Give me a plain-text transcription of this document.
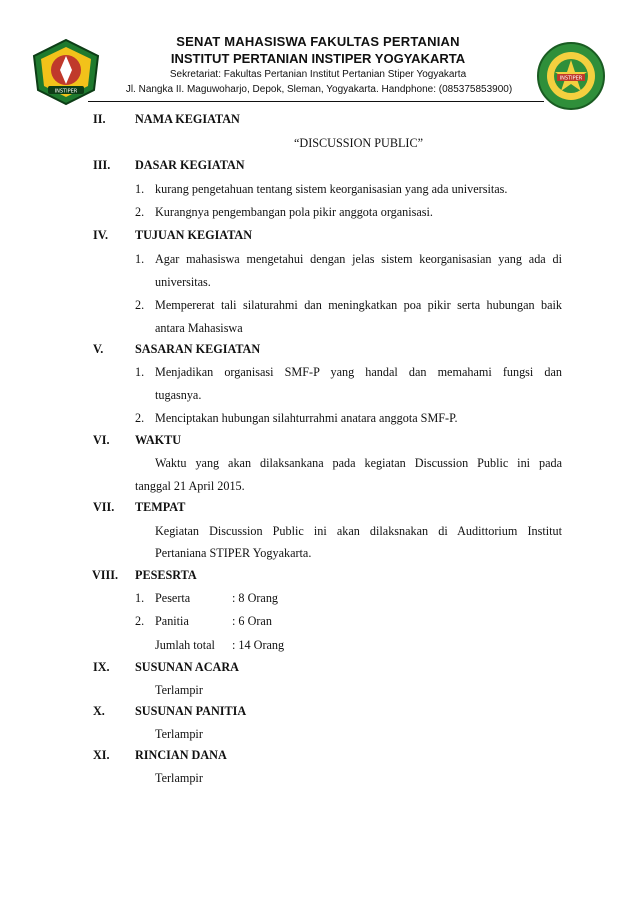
INSTIPER
SENAT MAHASISWA FAKULTAS PERTANIAN
INSTITUT PERTANIAN INSTIPER YOGYAKARTA
Sekretariat: Fakultas Pertanian Institut Pertanian Stiper Yogyakarta
Jl. Nangka II. Maguwoharjo, Depok, Sleman, Yogyakarta. Handphone: (085375853900)
INSTIPER
II. NAMA KEGIATAN
“DISCUSSION PUBLIC”
III. DASAR KEGIATAN
1. kurang pengetahuan tentang sistem keorganisasian yang ada universitas.
2. Kurangnya pengembangan pola pikir anggota organisasi.
IV. TUJUAN KEGIATAN
1. Agar mahasiswa mengetahui dengan jelas sistem keorganisasian yang ada di
universitas.
2. Mempererat tali silaturahmi dan meningkatkan poa pikir serta hubungan baik
antara Mahasiswa
V.	SASARAN KEGIATAN
1. Menjadikan organisasi SMF-P yang handal dan memahami fungsi dan
tugasnya.
2. Menciptakan hubungan silahturrahmi anatara anggota SMF-P.
VI. WAKTU
Waktu yang akan dilaksankana pada kegiatan Discussion Public ini pada
tanggal 21 April 2015.
VII. TEMPAT
Kegiatan Discussion Public ini akan dilaksnakan di Audittorium Institut
Pertaniana STIPER Yogyakarta.
VIII. PESESRTA
1. Peserta	: 8 Orang
2. Panitia	: 6 Oran
Jumlah total : 14 Orang
IX. SUSUNAN ACARA
Terlampir
X. SUSUNAN PANITIA
Terlampir
XI. RINCIAN DANA
Terlampir
